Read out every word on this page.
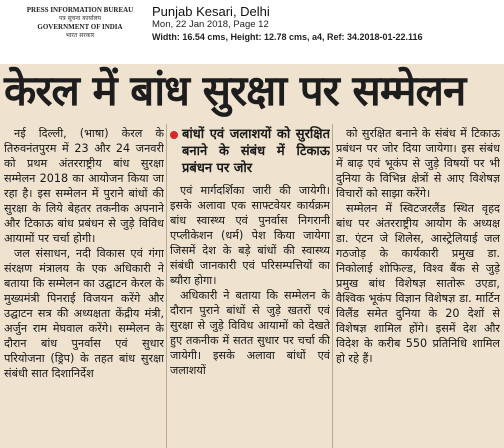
PRESS INFORMATION BUREAU
पत्र सूचना कार्यालय
GOVERNMENT OF INDIA
भारत सरकार
Punjab Kesari, Delhi
Mon, 22 Jan 2018, Page 12
Width: 16.54 cms, Height: 12.78 cms, a4, Ref: 34.2018-01-22.116
केरल में बांध सुरक्षा पर सम्मेलन

नई दिल्ली, (भाषा) केरल के तिरुवनंतपुरम में 23 और 24 जनवरी को प्रथम अंतरराष्ट्रीय बांध सुरक्षा सम्मेलन 2018 का आयोजन किया जा रहा है। इस सम्मेलन में पुराने बांधों की सुरक्षा के लिये बेहतर तकनीक अपनाने और टिकाऊ बांध प्रबंधन से जुड़े विविध आयामों पर चर्चा होगी।

जल संसाधन, नदी विकास एवं गंगा संरक्षण मंत्रालय के एक अधिकारी ने बताया कि सम्मेलन का उद्घाटन केरल के मुख्यमंत्री पिनराई विजयन करेंगे और उद्घाटन सत्र की अध्यक्षता केंद्रीय मंत्री, अर्जुन राम मेघवाल करेंगे। सम्मेलन के दौरान बांध पुनर्वास एवं सुधार परियोजना (ड्रिप) के तहत बांध सुरक्षा संबंधी सात दिशानिर्देश

बांधों एवं जलाशयों को सुरक्षित बनाने के संबंध में टिकाऊ प्रबंधन पर जोर

एवं मार्गदर्शिका जारी की जायेगी। इसके अलावा एक साफ्टवेयर कार्यक्रम बांध स्वास्थ्य एवं पुनर्वास निगरानी एप्लीकेशन (धर्म) पेश किया जायेगा जिसमें देश के बड़े बांधों की स्वास्थ्य संबंधी जानकारी एवं परिसम्पत्तियों का ब्यौरा होगा।

अधिकारी ने बताया कि सम्मेलन के दौरान पुराने बांधों से जुड़े खतरों एवं सुरक्षा से जुड़े विविध आयामों को देखते हुए तकनीक में सतत सुधार पर चर्चा की जायेगी। इसके अलावा बांधों एवं जलाशयों

को सुरक्षित बनाने के संबंध में टिकाऊ प्रबंधन पर जोर दिया जायेगा। इस संबंध में बाढ़ एवं भूकंप से जुड़े विषयों पर भी दुनिया के विभिन्न क्षेत्रों से आए विशेषज्ञ विचारों को साझा करेंगे।

सम्मेलन में स्विटजरलैंड स्थित वृहद बांध पर अंतरराष्ट्रीय आयोग के अध्यक्ष डा. एंटन जे शिलेस, आस्ट्रेलियाई जल गठजोड़ के कार्यकारी प्रमुख डा. निकोलाई शोफिल्ड, विश्व बैंक से जुड़े प्रमुख बांध विशेषज्ञ सातोरू उएडा, वैश्विक भूकंप विज्ञान विशेषज्ञ डा. मार्टिन विलैंड समेत दुनिया के 20 देशों से विशेषज्ञ शामिल होंगे। इसमें देश और विदेश के करीब 550 प्रतिनिधि शामिल हो रहे हैं।
